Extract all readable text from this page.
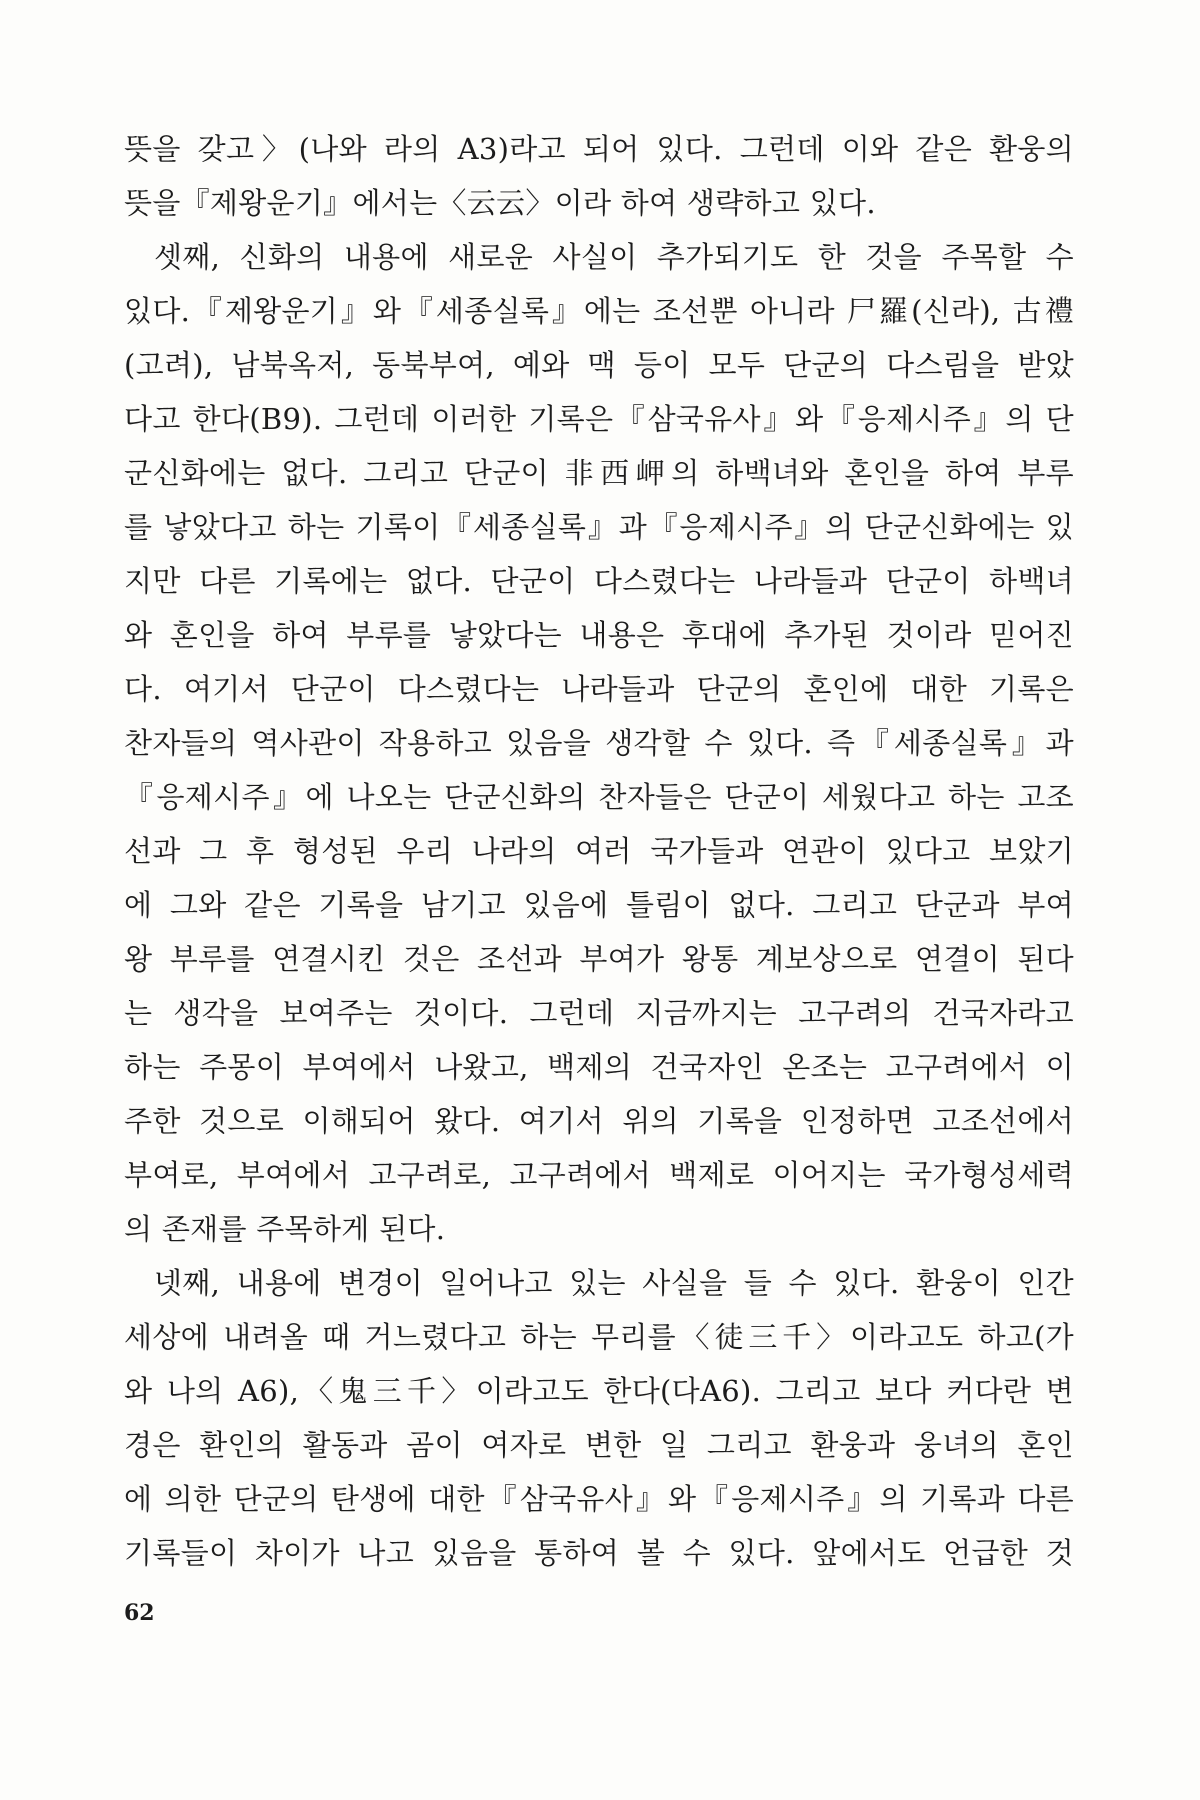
뜻을 갖고〉(나와 라의 A3)라고 되어 있다. 그런데 이와 같은 환웅의
뜻을『제왕운기』에서는〈云云〉이라 하여 생략하고 있다.

셋째, 신화의 내용에 새로운 사실이 추가되기도 한 것을 주목할 수
있다.『제왕운기』와『세종실록』에는 조선뿐 아니라 尸羅(신라), 古禮
(고려), 남북옥저, 동북부여, 예와 맥 등이 모두 단군의 다스림을 받았
다고 한다(B9). 그런데 이러한 기록은『삼국유사』와『응제시주』의 단
군신화에는 없다. 그리고 단군이 非西岬의 하백녀와 혼인을 하여 부루
를 낳았다고 하는 기록이『세종실록』과『응제시주』의 단군신화에는 있
지만 다른 기록에는 없다. 단군이 다스렸다는 나라들과 단군이 하백녀
와 혼인을 하여 부루를 낳았다는 내용은 후대에 추가된 것이라 믿어진
다. 여기서 단군이 다스렸다는 나라들과 단군의 혼인에 대한 기록은
찬자들의 역사관이 작용하고 있음을 생각할 수 있다. 즉『세종실록』과
『응제시주』에 나오는 단군신화의 찬자들은 단군이 세웠다고 하는 고조
선과 그 후 형성된 우리 나라의 여러 국가들과 연관이 있다고 보았기
에 그와 같은 기록을 남기고 있음에 틀림이 없다. 그리고 단군과 부여
왕 부루를 연결시킨 것은 조선과 부여가 왕통 계보상으로 연결이 된다
는 생각을 보여주는 것이다. 그런데 지금까지는 고구려의 건국자라고
하는 주몽이 부여에서 나왔고, 백제의 건국자인 온조는 고구려에서 이
주한 것으로 이해되어 왔다. 여기서 위의 기록을 인정하면 고조선에서
부여로, 부여에서 고구려로, 고구려에서 백제로 이어지는 국가형성세력
의 존재를 주목하게 된다.

넷째, 내용에 변경이 일어나고 있는 사실을 들 수 있다. 환웅이 인간
세상에 내려올 때 거느렸다고 하는 무리를〈徒三千〉이라고도 하고(가
와 나의 A6),〈鬼三千〉이라고도 한다(다A6). 그리고 보다 커다란 변
경은 환인의 활동과 곰이 여자로 변한 일 그리고 환웅과 웅녀의 혼인
에 의한 단군의 탄생에 대한『삼국유사』와『응제시주』의 기록과 다른
기록들이 차이가 나고 있음을 통하여 볼 수 있다. 앞에서도 언급한 것

62
